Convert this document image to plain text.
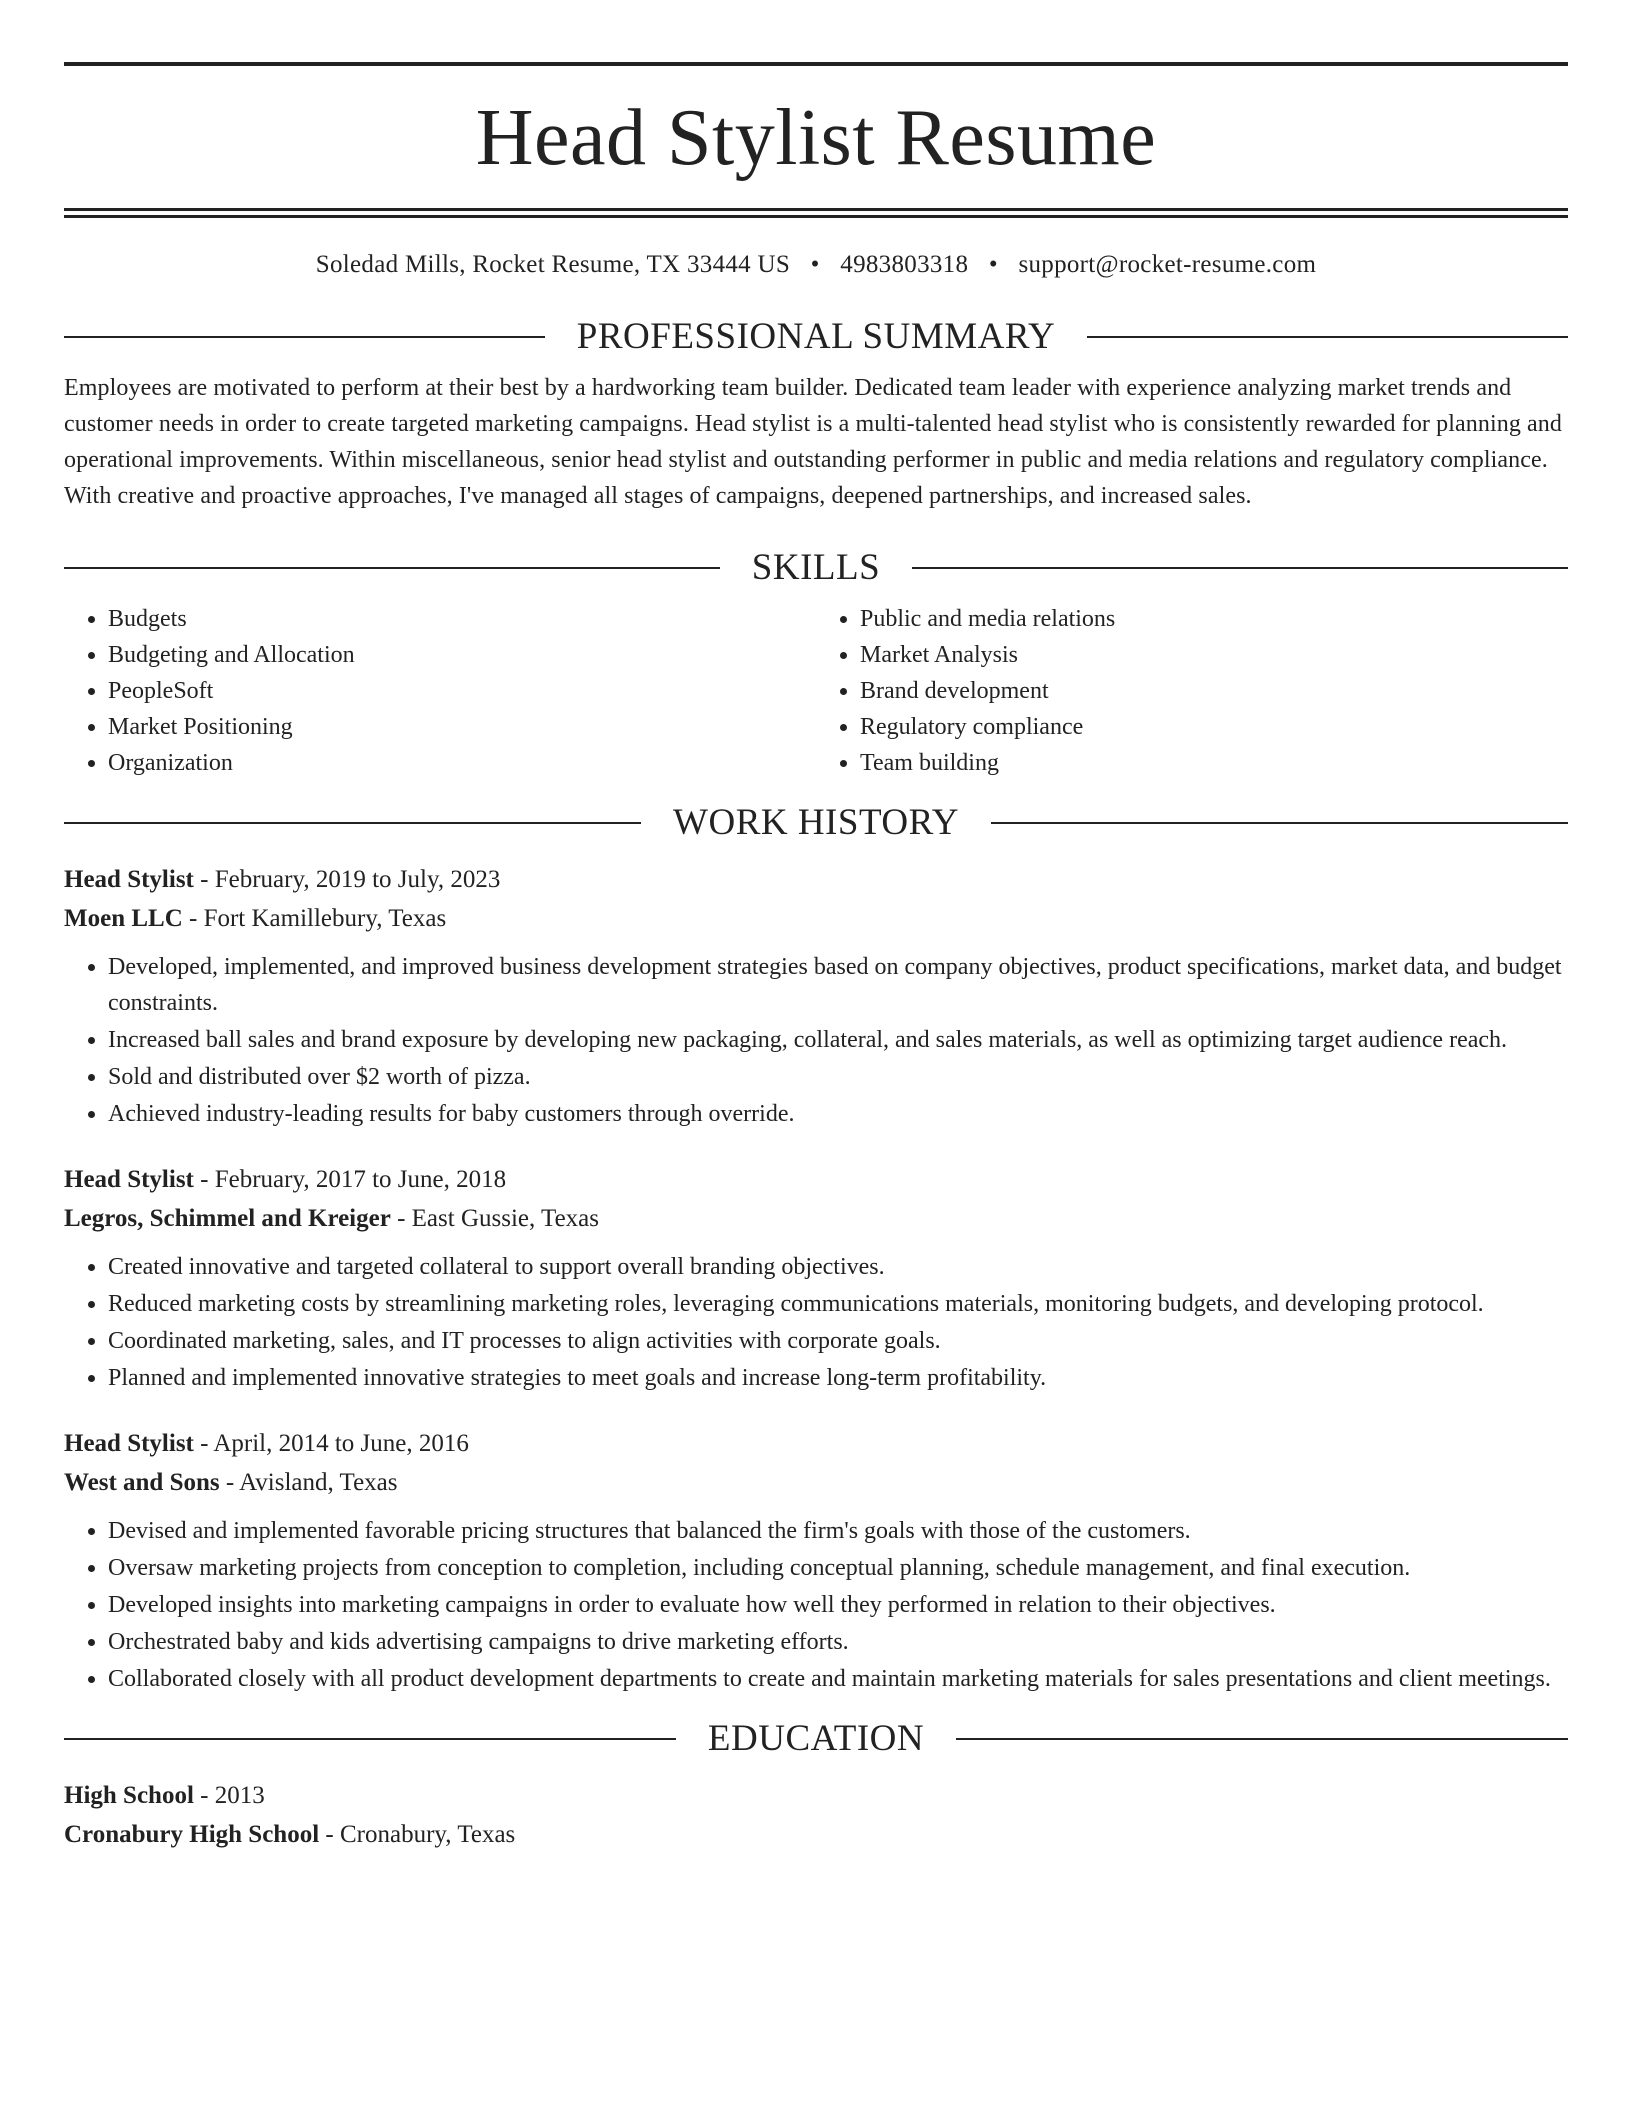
Head Stylist Resume
Soledad Mills, Rocket Resume, TX 33444 US • 4983803318 • support@rocket-resume.com
PROFESSIONAL SUMMARY

Employees are motivated to perform at their best by a hardworking team builder. Dedicated team leader with experience analyzing market trends and customer needs in order to create targeted marketing campaigns. Head stylist is a multi-talented head stylist who is consistently rewarded for planning and operational improvements. Within miscellaneous, senior head stylist and outstanding performer in public and media relations and regulatory compliance. With creative and proactive approaches, I've managed all stages of campaigns, deepened partnerships, and increased sales.

SKILLS
• Budgets
• Budgeting and Allocation
• PeopleSoft
• Market Positioning
• Organization
• Public and media relations
• Market Analysis
• Brand development
• Regulatory compliance
• Team building
WORK HISTORY
Head Stylist - February, 2019 to July, 2023
Moen LLC - Fort Kamillebury, Texas
• Developed, implemented, and improved business development strategies based on company objectives, product specifications, market data, and budget constraints.
• Increased ball sales and brand exposure by developing new packaging, collateral, and sales materials, as well as optimizing target audience reach.
• Sold and distributed over $2 worth of pizza.
• Achieved industry-leading results for baby customers through override.
Head Stylist - February, 2017 to June, 2018
Legros, Schimmel and Kreiger - East Gussie, Texas
• Created innovative and targeted collateral to support overall branding objectives.
• Reduced marketing costs by streamlining marketing roles, leveraging communications materials, monitoring budgets, and developing protocol.
• Coordinated marketing, sales, and IT processes to align activities with corporate goals.
• Planned and implemented innovative strategies to meet goals and increase long-term profitability.
Head Stylist - April, 2014 to June, 2016
West and Sons - Avisland, Texas
• Devised and implemented favorable pricing structures that balanced the firm's goals with those of the customers.
• Oversaw marketing projects from conception to completion, including conceptual planning, schedule management, and final execution.
• Developed insights into marketing campaigns in order to evaluate how well they performed in relation to their objectives.
• Orchestrated baby and kids advertising campaigns to drive marketing efforts.
• Collaborated closely with all product development departments to create and maintain marketing materials for sales presentations and client meetings.
EDUCATION
High School - 2013
Cronabury High School - Cronabury, Texas
